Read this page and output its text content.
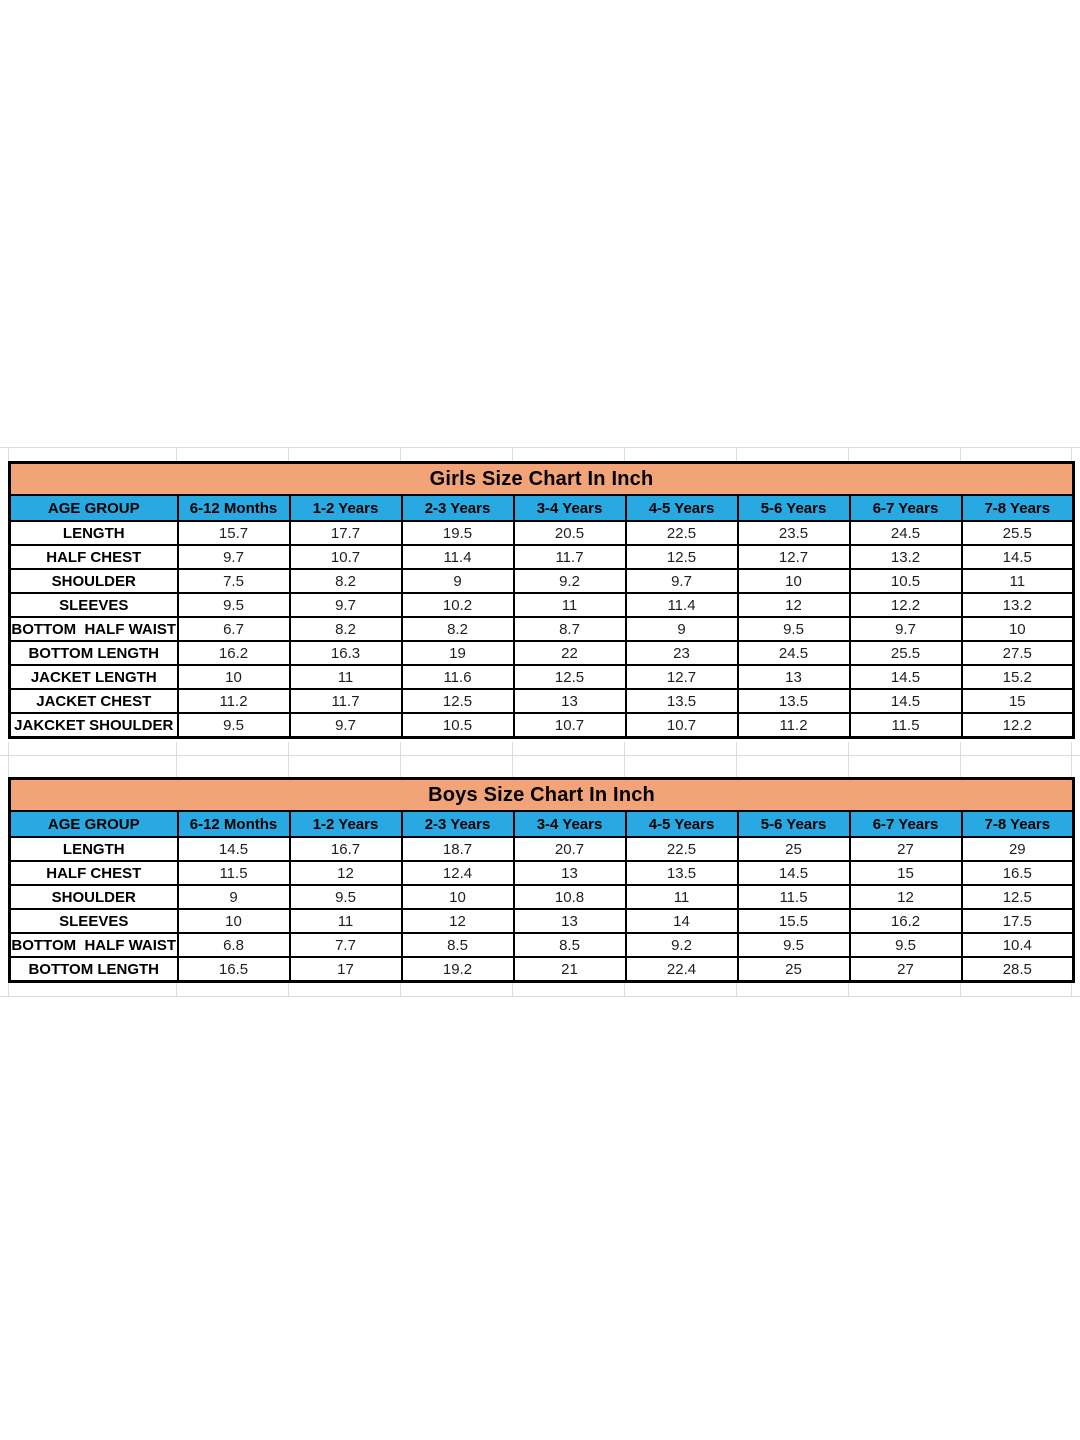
Girls Size Chart In Inch								
AGE GROUP	6-12 Months	1-2 Years	2-3 Years	3-4 Years	4-5 Years	5-6 Years	6-7 Years	7-8 Years
LENGTH	15.7	17.7	19.5	20.5	22.5	23.5	24.5	25.5
HALF CHEST	9.7	10.7	11.4	11.7	12.5	12.7	13.2	14.5
SHOULDER	7.5	8.2	9	9.2	9.7	10	10.5	11
SLEEVES	9.5	9.7	10.2	11	11.4	12	12.2	13.2
BOTTOM  HALF WAIST	6.7	8.2	8.2	8.7	9	9.5	9.7	10
BOTTOM LENGTH	16.2	16.3	19	22	23	24.5	25.5	27.5
JACKET LENGTH	10	11	11.6	12.5	12.7	13	14.5	15.2
JACKET CHEST	11.2	11.7	12.5	13	13.5	13.5	14.5	15
JAKCKET SHOULDER	9.5	9.7	10.5	10.7	10.7	11.2	11.5	12.2
Boys Size Chart In Inch								
AGE GROUP	6-12 Months	1-2 Years	2-3 Years	3-4 Years	4-5 Years	5-6 Years	6-7 Years	7-8 Years
LENGTH	14.5	16.7	18.7	20.7	22.5	25	27	29
HALF CHEST	11.5	12	12.4	13	13.5	14.5	15	16.5
SHOULDER	9	9.5	10	10.8	11	11.5	12	12.5
SLEEVES	10	11	12	13	14	15.5	16.2	17.5
BOTTOM  HALF WAIST	6.8	7.7	8.5	8.5	9.2	9.5	9.5	10.4
BOTTOM LENGTH	16.5	17	19.2	21	22.4	25	27	28.5
